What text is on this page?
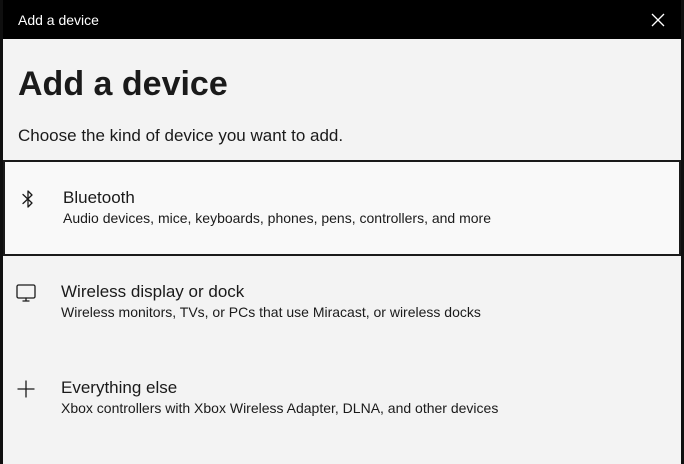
Add a device
Add a device
Choose the kind of device you want to add.
Bluetooth
Audio devices, mice, keyboards, phones, pens, controllers, and more
Wireless display or dock
Wireless monitors, TVs, or PCs that use Miracast, or wireless docks
Everything else
Xbox controllers with Xbox Wireless Adapter, DLNA, and other devices
